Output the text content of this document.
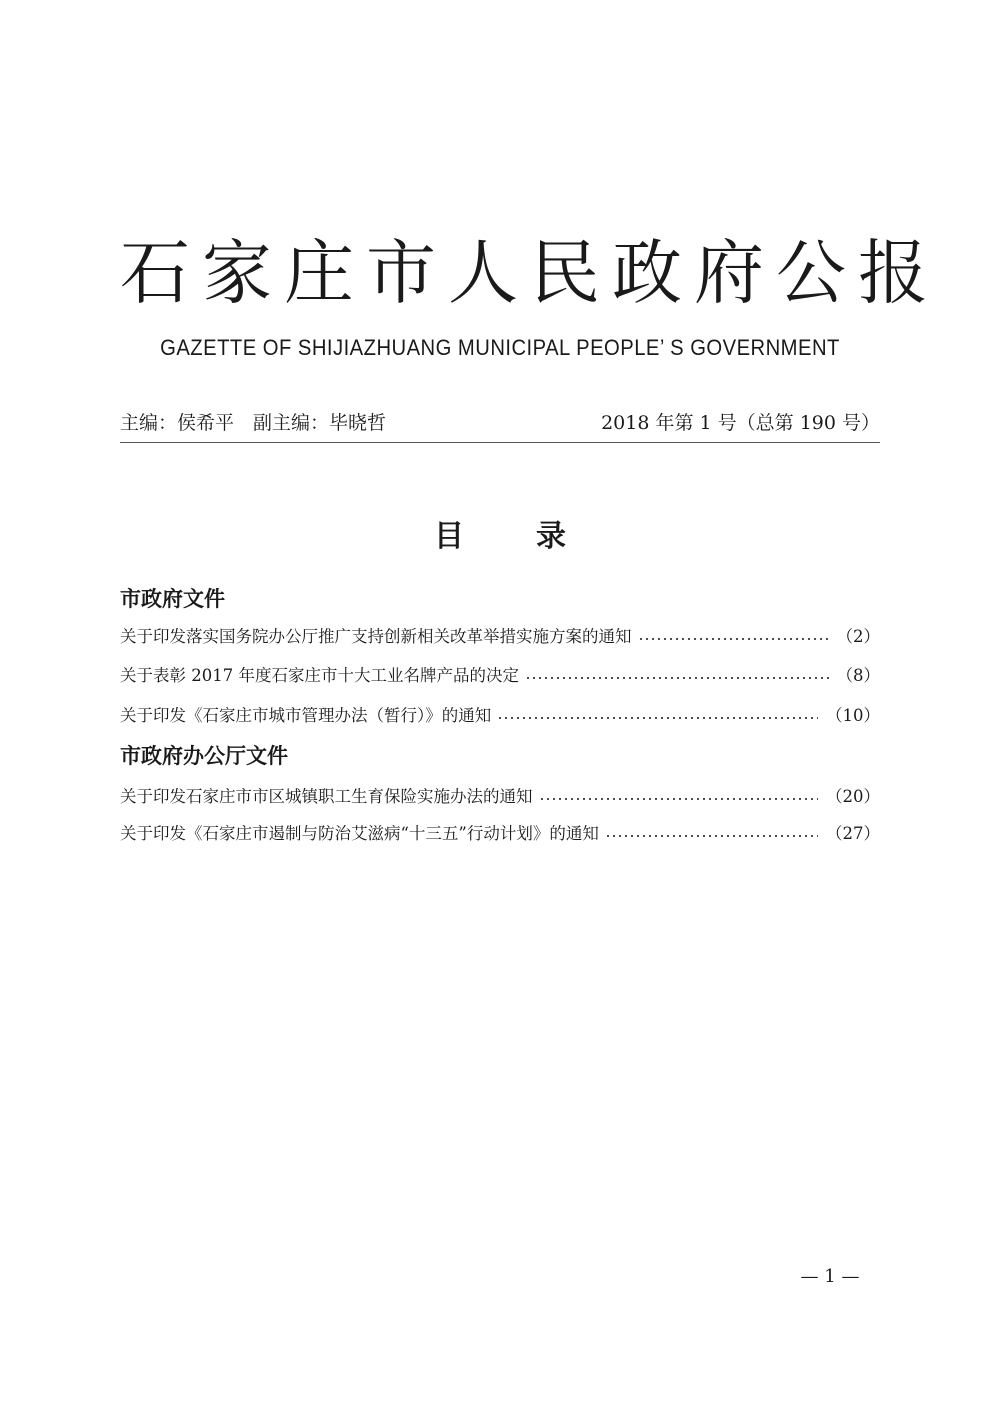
石家庄市人民政府公报
GAZETTE OF SHIJIAZHUANG MUNICIPAL PEOPLE’ S GOVERNMENT
主编：侯希平　副主编：毕晓哲	2018 年第 1 号（总第 190 号）
目 录
市政府文件
关于印发落实国务院办公厅推广支持创新相关改革举措实施方案的通知	（2）
关于表彰 2017 年度石家庄市十大工业名牌产品的决定	（8）
关于印发《石家庄市城市管理办法（暂行）》的通知	（10）
市政府办公厅文件
关于印发石家庄市市区城镇职工生育保险实施办法的通知	（20）
关于印发《石家庄市遏制与防治艾滋病“十三五”行动计划》的通知	（27）
— 1 —
